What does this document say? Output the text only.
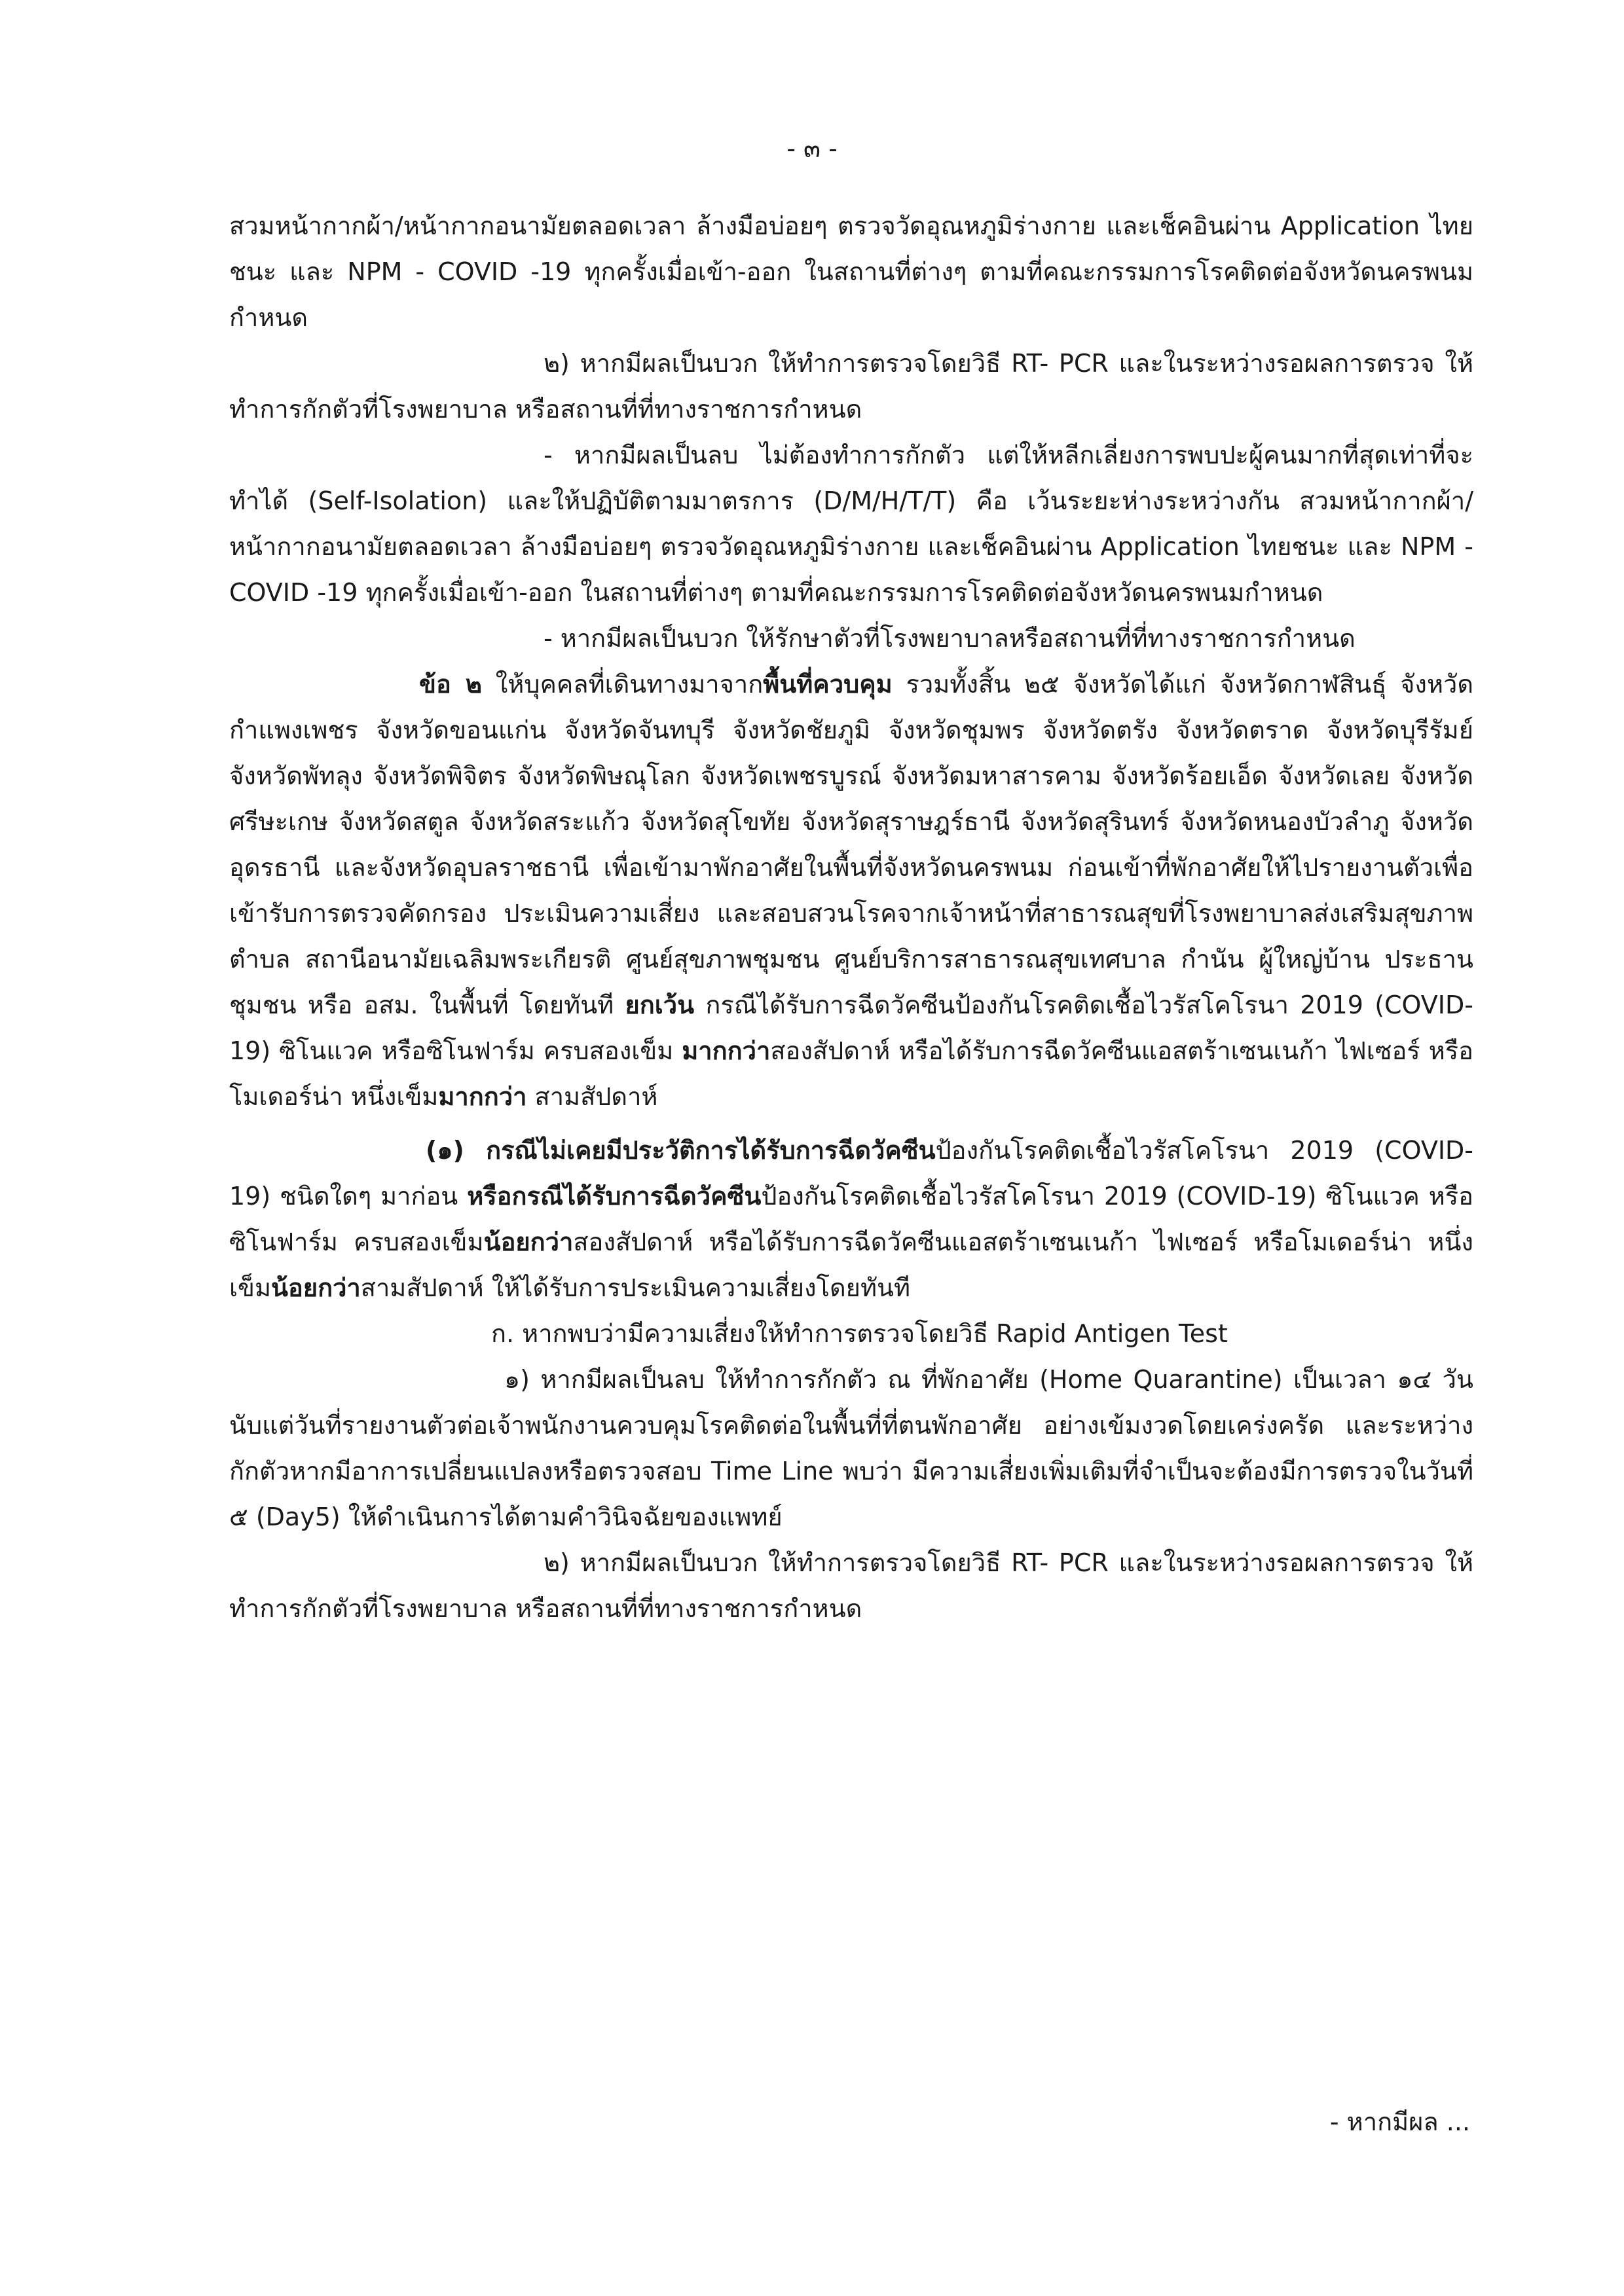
- ๓ -

สวมหน้ากากผ้า/หน้ากากอนามัยตลอดเวลา ล้างมือบ่อยๆ ตรวจวัดอุณหภูมิร่างกาย และเช็คอินผ่าน Application ไทยชนะ และ NPM - COVID -19 ทุกครั้งเมื่อเข้า-ออก ในสถานที่ต่างๆ ตามที่คณะกรรมการโรคติดต่อจังหวัดนครพนมกำหนด

๒) หากมีผลเป็นบวก ให้ทำการตรวจโดยวิธี RT- PCR และในระหว่างรอผลการตรวจ ให้ทำการกักตัวที่โรงพยาบาล หรือสถานที่ที่ทางราชการกำหนด

- หากมีผลเป็นลบ ไม่ต้องทำการกักตัว แต่ให้หลีกเลี่ยงการพบปะผู้คนมากที่สุดเท่าที่จะทำได้ (Self-Isolation) และให้ปฏิบัติตามมาตรการ (D/M/H/T/T) คือ เว้นระยะห่างระหว่างกัน สวมหน้ากากผ้า/หน้ากากอนามัยตลอดเวลา ล้างมือบ่อยๆ ตรวจวัดอุณหภูมิร่างกาย และเช็คอินผ่าน Application ไทยชนะ และ NPM - COVID -19 ทุกครั้งเมื่อเข้า-ออก ในสถานที่ต่างๆ ตามที่คณะกรรมการโรคติดต่อจังหวัดนครพนมกำหนด

- หากมีผลเป็นบวก ให้รักษาตัวที่โรงพยาบาลหรือสถานที่ที่ทางราชการกำหนด

ข้อ ๒ ให้บุคคลที่เดินทางมาจากพื้นที่ควบคุม รวมทั้งสิ้น ๒๕ จังหวัดได้แก่ จังหวัดกาฬสินธุ์ จังหวัดกำแพงเพชร จังหวัดขอนแก่น จังหวัดจันทบุรี จังหวัดชัยภูมิ จังหวัดชุมพร จังหวัดตรัง จังหวัดตราด จังหวัดบุรีรัมย์ จังหวัดพัทลุง จังหวัดพิจิตร จังหวัดพิษณุโลก จังหวัดเพชรบูรณ์ จังหวัดมหาสารคาม จังหวัดร้อยเอ็ด จังหวัดเลย จังหวัดศรีษะเกษ จังหวัดสตูล จังหวัดสระแก้ว จังหวัดสุโขทัย จังหวัดสุราษฎร์ธานี จังหวัดสุรินทร์ จังหวัดหนองบัวลำภู จังหวัดอุดรธานี และจังหวัดอุบลราชธานี เพื่อเข้ามาพักอาศัยในพื้นที่จังหวัดนครพนม ก่อนเข้าที่พักอาศัยให้ไปรายงานตัวเพื่อเข้ารับการตรวจคัดกรอง ประเมินความเสี่ยง และสอบสวนโรคจากเจ้าหน้าที่สาธารณสุขที่โรงพยาบาลส่งเสริมสุขภาพตำบล สถานีอนามัยเฉลิมพระเกียรติ ศูนย์สุขภาพชุมชน ศูนย์บริการสาธารณสุขเทศบาล กำนัน ผู้ใหญ่บ้าน ประธานชุมชน หรือ อสม. ในพื้นที่ โดยทันที ยกเว้น กรณีได้รับการฉีดวัคซีนป้องกันโรคติดเชื้อไวรัสโคโรนา 2019 (COVID-19) ซิโนแวค หรือซิโนฟาร์ม ครบสองเข็ม มากกว่าสองสัปดาห์ หรือได้รับการฉีดวัคซีนแอสตร้าเซนเนก้า ไฟเซอร์ หรือโมเดอร์น่า หนึ่งเข็มมากกว่า สามสัปดาห์

(๑) กรณีไม่เคยมีประวัติการได้รับการฉีดวัคซีนป้องกันโรคติดเชื้อไวรัสโคโรนา 2019 (COVID-19) ชนิดใดๆ มาก่อน หรือกรณีได้รับการฉีดวัคซีนป้องกันโรคติดเชื้อไวรัสโคโรนา 2019 (COVID-19) ซิโนแวค หรือซิโนฟาร์ม ครบสองเข็มน้อยกว่าสองสัปดาห์ หรือได้รับการฉีดวัคซีนแอสตร้าเซนเนก้า ไฟเซอร์ หรือโมเดอร์น่า หนึ่งเข็มน้อยกว่าสามสัปดาห์ ให้ได้รับการประเมินความเสี่ยงโดยทันที

ก. หากพบว่ามีความเสี่ยงให้ทำการตรวจโดยวิธี Rapid Antigen Test

๑) หากมีผลเป็นลบ ให้ทำการกักตัว ณ ที่พักอาศัย (Home Quarantine) เป็นเวลา ๑๔ วัน นับแต่วันที่รายงานตัวต่อเจ้าพนักงานควบคุมโรคติดต่อในพื้นที่ที่ตนพักอาศัย อย่างเข้มงวดโดยเคร่งครัด และระหว่างกักตัวหากมีอาการเปลี่ยนแปลงหรือตรวจสอบ Time Line พบว่า มีความเสี่ยงเพิ่มเติมที่จำเป็นจะต้องมีการตรวจในวันที่ ๕ (Day5) ให้ดำเนินการได้ตามคำวินิจฉัยของแพทย์

๒) หากมีผลเป็นบวก ให้ทำการตรวจโดยวิธี RT- PCR และในระหว่างรอผลการตรวจ ให้ทำการกักตัวที่โรงพยาบาล หรือสถานที่ที่ทางราชการกำหนด

- หากมีผล ...
